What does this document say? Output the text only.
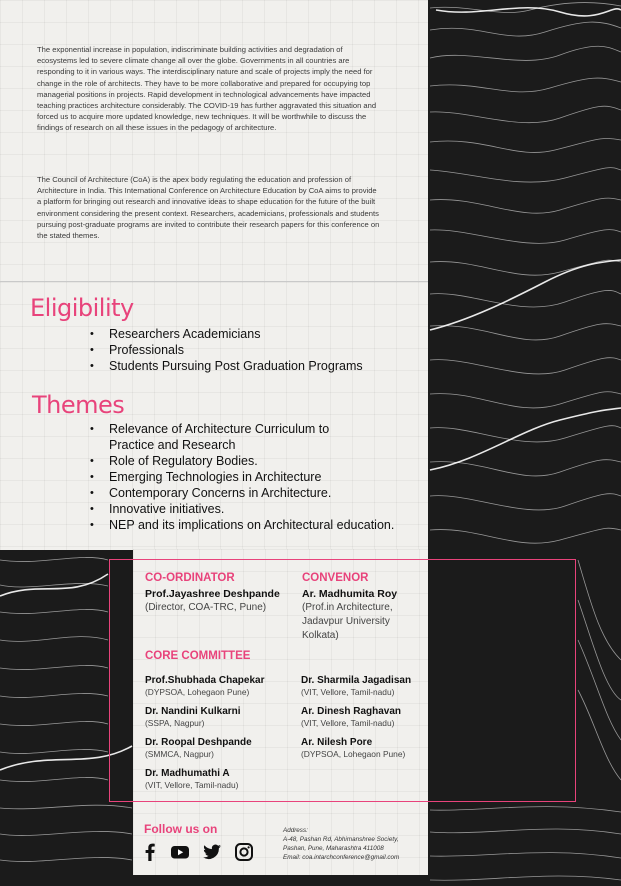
The exponential increase in population, indiscriminate building activities and degradation of ecosystems led to severe climate change all over the globe. Governments in all countries are responding to it in various ways. The interdisciplinary nature and scale of projects imply the need for change in the role of architects. They have to be more collaborative and prepared for occupying top managerial positions in projects. Rapid development in technological advancements have impacted teaching practices architecture considerably. The COVID-19 has further aggravated this situation and forced us to acquire more updated knowledge, new techniques. It will be worthwhile to discuss the findings of research on all these issues in the pedagogy of architecture.

The Council of Architecture (CoA) is the apex body regulating the education and profession of Architecture in India. This International Conference on Architecture Education by CoA aims to provide a platform for bringing out research and innovative ideas to shape education for the future of the built environment considering the present context. Researchers, academicians, professionals and students pursuing post-graduate programs are invited to contribute their research papers for this conference on the stated themes.

Eligibility
• Researchers Academicians
• Professionals
• Students Pursuing Post Graduation Programs
Themes
• Relevance of Architecture Curriculum to Practice and Research
• Role of Regulatory Bodies.
• Emerging Technologies in Architecture
• Contemporary Concerns in Architecture.
• Innovative initiatives.
• NEP and its implications on Architectural education.
CO-ORDINATOR
Prof.Jayashree Deshpande
(Director, COA-TRC, Pune)
CONVENOR
Ar. Madhumita Roy
(Prof.in Architecture,
Jadavpur University
Kolkata)
CORE COMMITTEE
Prof.Shubhada Chapekar
(DYPSOA, Lohegaon Pune)
Dr. Nandini Kulkarni
(SSPA, Nagpur)
Dr. Roopal Deshpande
(SMMCA, Nagpur)
Dr. Madhumathi A
(VIT, Vellore, Tamil-nadu)
Dr. Sharmila Jagadisan
(VIT, Vellore, Tamil-nadu)
Ar. Dinesh Raghavan
(VIT, Vellore, Tamil-nadu)
Ar. Nilesh Pore
(DYPSOA, Lohegaon Pune)

Follow us on	Address:
A-48, Pashan Rd, Abhimanshree Society,
Pashan, Pune, Maharashtra 411008
Email: coa.intarchconference@gmail.com
